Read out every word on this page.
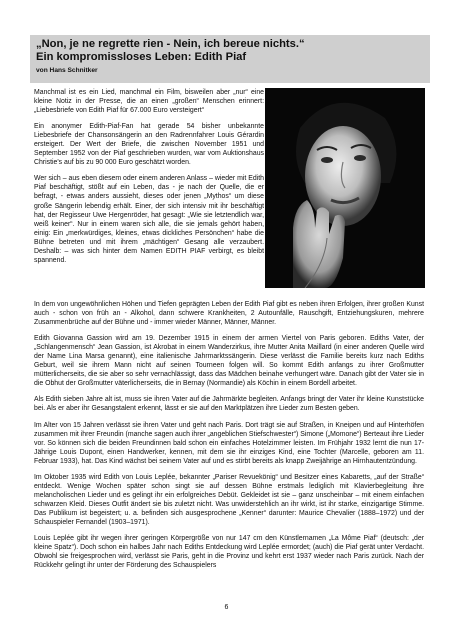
„Non, je ne regrette rien - Nein, ich bereue nichts.“

Ein kompromissloses Leben: Edith Piaf

von Hans Schnitker

Manchmal ist es ein Lied, manchmal ein Film, bisweilen aber „nur“ eine kleine Notiz in der Presse, die an einen „großen“ Menschen erinnert: „Liebesbriefe von Edith Piaf für 67.000 Euro versteigert“

Ein anonymer Edith-Piaf-Fan hat gerade 54 bisher unbekannte Liebesbriefe der Chansonsängerin an den Radrennfahrer Louis Gérardin ersteigert. Der Wert der Briefe, die zwischen November 1951 und September 1952 von der Piaf geschrieben wurden, war vom Auktionshaus Christie's auf bis zu 90 000 Euro geschätzt worden.

Wer sich – aus eben diesem oder einem anderen Anlass – wieder mit Edith Piaf beschäftigt, stößt auf ein Leben, das - je nach der Quelle, die er befragt, - etwas anders aussieht, dieses oder jenen „Mythos“ um diese große Sängerin lebendig erhält. Einer, der sich intensiv mit ihr beschäftigt hat, der Regisseur Uwe Hergenröder, hat gesagt: „Wie sie letztendlich war, weiß keiner“. Nur in einem waren sich alle, die sie jemals gehört haben, einig: Ein „merkwürdiges, kleines, etwas dickliches Persönchen“ habe die Bühne betreten und mit ihrem „mächtigen“ Gesang alle verzaubert. Deshalb: – was sich hinter dem Namen EDITH PIAF verbirgt, es bleibt spannend.

In dem von ungewöhnlichen Höhen und Tiefen geprägten Leben der Edith Piaf gibt es neben ihren Erfolgen, ihrer großen Kunst auch - schon von früh an - Alkohol, dann schwere Krankheiten, 2 Autounfälle, Rauschgift, Entziehungskuren, mehrere Zusammenbrüche auf der Bühne und - immer wieder Männer, Männer, Männer.

Edith Giovanna Gassion wird am 19. Dezember 1915 in einem der armen Viertel von Paris geboren. Ediths Vater, der „Schlangenmensch“ Jean Gassion, ist Akrobat in einem Wanderzirkus, ihre Mutter Anita Maillard (in einer anderen Quelle wird der Name Lina Marsa genannt), eine italienische Jahrmarktssängerin. Diese verlässt die Familie bereits kurz nach Ediths Geburt, weil sie ihrem Mann nicht auf seinen Tourneen folgen will. So kommt Edith anfangs zu ihrer Großmutter mütterlicherseits, die sie aber so sehr vernachlässigt, dass das Mädchen beinahe verhungert wäre. Danach gibt der Vater sie in die Obhut der Großmutter väterlicherseits, die in Bernay (Normandie) als Köchin in einem Bordell arbeitet.

Als Edith sieben Jahre alt ist, muss sie ihren Vater auf die Jahrmärkte begleiten. Anfangs bringt der Vater ihr kleine Kunststücke bei. Als er aber ihr Gesangstalent erkennt, lässt er sie auf den Marktplätzen ihre Lieder zum Besten geben.

Im Alter von 15 Jahren verlässt sie ihren Vater und geht nach Paris. Dort trägt sie auf Straßen, in Kneipen und auf Hinterhöfen zusammen mit ihrer Freundin (manche sagen auch ihrer „angeblichen Stiefschwester“) Simone („Momone“) Berteaut ihre Lieder vor. So können sich die beiden Freundinnen bald schon ein einfaches Hotelzimmer leisten. Im Frühjahr 1932 lernt die nun 17-Jährige Louis Dupont, einen Handwerker, kennen, mit dem sie ihr einziges Kind, eine Tochter (Marcelle, geboren am 11. Februar 1933), hat. Das Kind wächst bei seinem Vater auf und es stirbt bereits als knapp Zweijährige an Hirnhautentzündung.

Im Oktober 1935 wird Edith von Louis Leplée, bekannter „Pariser Revuekönig“ und Besitzer eines Kabaretts, „auf der Straße“ entdeckt. Wenige Wochen später schon singt sie auf dessen Bühne erstmals lediglich mit Klavierbegleitung ihre melancholischen Lieder und es gelingt ihr ein erfolgreiches Debüt. Gekleidet ist sie – ganz unscheinbar – mit einem einfachen schwarzen Kleid. Dieses Outfit ändert sie bis zuletzt nicht. Was unwiderstehlich an ihr wirkt, ist ihr starke, einzigartige Stimme. Das Publikum ist begeistert; u. a. befinden sich ausgesprochene „Kenner“ darunter: Maurice Chevalier (1888–1972) und der Schauspieler Fernandel (1903–1971).

Louis Leplée gibt ihr wegen ihrer geringen Körpergröße von nur 147 cm den Künstlernamen „La Môme Piaf“ (deutsch: „der kleine Spatz“). Doch schon ein halbes Jahr nach Ediths Entdeckung wird Leplée ermordet; (auch) die Piaf gerät unter Verdacht. Obwohl sie freigesprochen wird, verlässt sie Paris, geht in die Provinz und kehrt erst 1937 wieder nach Paris zurück. Nach der Rückkehr gelingt ihr unter der Förderung des Schauspielers

6
